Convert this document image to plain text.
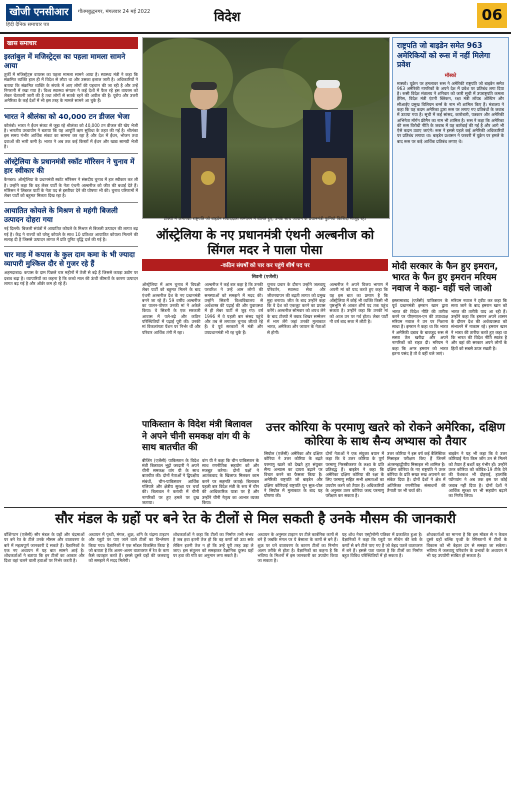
खोजी एनसीआर
हिंदी दैनिक समाचार पत्र
गौतमबुद्धनगर, मंगलवार 24 मई 2022	विदेश	06
खास समाचार
इस्तांबुल में मजिस्ट्रेट्स का पहला मामला सामने आया

तुर्की में मजिस्ट्रेट्स वायरस का पहला मामला सामने आया है। स्वास्थ्य मंत्री ने कहा कि संक्रमित व्यक्ति हाल ही में विदेश से लौटा था और उसका इलाज जारी है। अधिकारियों ने बताया कि संक्रमित व्यक्ति के संपर्क में आए लोगों की पहचान की जा रही है और उन्हें निगरानी में रखा गया है। विश्व स्वास्थ्य संगठन ने कई देशों में फैल रहे इस वायरस को लेकर चेतावनी जारी की है तथा लोगों से सतर्क रहने की अपील की है। यूरोप और उत्तरी अमेरिका के कई देशों में भी इस तरह के मामले सामने आ चुके हैं।

भारत ने श्रीलंका को 40,000 टन डीजल भेजा

कोलंबो। भारत ने ईंधन संकट से जूझ रहे श्रीलंका को 40,000 टन डीजल की खेप भेजी है। भारतीय उच्चायोग ने बताया कि यह आपूर्ति ऋण सुविधा के तहत की गई है। श्रीलंका इस समय गंभीर आर्थिक संकट का सामना कर रहा है और देश में ईंधन, भोजन तथा दवाओं की भारी कमी है। भारत ने अब तक कई किस्तों में ईंधन और खाद्य सामग्री भेजी है।

ऑस्ट्रेलिया के प्रधानमंत्री स्कॉट मॉरिसन ने चुनाव में हार स्वीकार की

कैनबरा। ऑस्ट्रेलिया के प्रधानमंत्री स्कॉट मॉरिसन ने संसदीय चुनाव में हार स्वीकार कर ली है। उन्होंने कहा कि वह लेबर पार्टी के नेता एंथनी अल्बनीज को जीत की बधाई देते हैं। मॉरिसन ने लिबरल पार्टी के नेता पद से इस्तीफा देने की घोषणा भी की। चुनाव परिणामों में लेबर पार्टी को बहुमत मिलता दिख रहा है।

आयातित कोयले के मिश्रण से महंगी बिजली उत्पादन दोहरा गया

नई दिल्ली। बिजली संयंत्रों में आयातित कोयले के मिश्रण से बिजली उत्पादन की लागत बढ़ गई है। केंद्र ने राज्यों को घरेलू कोयले के साथ 10 प्रतिशत आयातित कोयला मिलाने की सलाह दी है जिससे उत्पादन लागत में प्रति यूनिट वृद्धि दर्ज की गई है।

चार माह में कपास के कुल दाम कमा के भी ज्यादा व्यापारी मुश्किल दौर से गुजर रहे हैं

अहमदाबाद। कपास के दाम पिछले चार महीनों में तेजी से बढ़े हैं जिससे कपड़ा उद्योग पर दबाव बढ़ा है। व्यापारियों का कहना है कि कच्चे माल की ऊंची कीमतों के कारण उत्पादन लागत बढ़ गई है और ऑर्डर कम हो रहे हैं।

टोक्यो में अमेरिकी राष्ट्रपति जो बाइडेन संवाददाता सम्मेलन में बोलते हुए, उनके साथ जापान के प्रधानमंत्री फुमियो किशिदा मौजूद रहे।
राष्ट्रपति जो बाइडेन समेत 963 अमेरिकियों को रूस में नहीं मिलेगा प्रवेश
मॉस्को

मास्को। यूक्रेन पर हमलावर रूस ने अमेरिकी राष्ट्रपति जो बाइडेन समेत 963 अमेरिकी नागरिकों के अपने देश में प्रवेश पर प्रतिबंध लगा दिया है। रूसी विदेश मंत्रालय ने शनिवार को जारी सूची में उपराष्ट्रपति कमला हैरिस, विदेश मंत्री एंटनी ब्लिंकन, रक्षा मंत्री लॉयड ऑस्टिन और सीआईए प्रमुख विलियम बर्न्स के नाम भी शामिल किए हैं। मंत्रालय ने कहा कि यह कदम अमेरिका द्वारा रूस पर लगाए गए प्रतिबंधों के जवाब में उठाया गया है। सूची में कई सांसद, कारोबारी, पत्रकार और अमेरिकी अभिनेता मॉर्गन फ्रीमैन का नाम भी शामिल है। रूस ने कहा कि अमेरिका की रूस विरोधी नीति के जवाब में यह कार्रवाई की गई है और आगे भी ऐसे कदम उठाए जाएंगे। रूस ने इससे पहले कई अमेरिकी अधिकारियों पर प्रतिबंध लगाया था। बाइडेन प्रशासन ने फरवरी में यूक्रेन पर हमले के बाद रूस पर कड़े आर्थिक प्रतिबंध लगाए थे।

ऑस्ट्रेलिया के नए प्रधानमंत्री एंथनी अल्बनीज को सिंगल मदर ने पाला पोसा
-कठिन संघर्षों को पार कर पहुंचे शीर्ष पद पर
सिडनी (एजेंसी)
ऑस्ट्रेलिया में आम चुनाव में विपक्षी लेबर पार्टी को बहुमत मिलने के बाद एंथनी अल्बनीज देश के नए प्रधानमंत्री बनने जा रहे हैं। 59 वर्षीय अल्बनीज का पालन-पोषण उनकी मां ने अकेले किया। वे सिडनी के एक सरकारी आवास में पले-बढ़े और कठिन परिस्थितियों में पढ़ाई पूरी की। उनकी मां विकलांगता पेंशन पर निर्भर थीं और परिवार आर्थिक तंगी में रहा।
अल्बनीज ने कई बार कहा है कि उनकी परवरिश ने उन्हें आम लोगों की समस्याओं को समझने में मदद की। उन्होंने सिडनी विश्वविद्यालय से अर्थशास्त्र की पढ़ाई की और युवावस्था में ही लेबर पार्टी से जुड़ गए। वर्ष 1996 में वे पहली बार संसद पहुंचे और तब से लगातार चुनाव जीतते रहे हैं। वे पूर्व सरकारों में मंत्री और उपप्रधानमंत्री भी रह चुके हैं।
चुनाव प्रचार के दौरान उन्होंने जलवायु परिवर्तन, स्वास्थ्य सेवा और जीवनयापन की बढ़ती लागत को प्रमुख मुद्दा बनाया। जीत के बाद उन्होंने कहा कि वे देश को एकजुट करने का प्रयास करेंगे। अल्बनीज सोमवार को शपथ लेने के बाद टोक्यो में क्वाड शिखर सम्मेलन में भाग लेंगे जहां उनकी मुलाकात भारत, अमेरिका और जापान के नेताओं से होगी।
अल्बनीज ने अपने विजय भाषण में अपनी मां को याद करते हुए कहा कि यह इस बात का प्रमाण है कि ऑस्ट्रेलिया में कोई भी व्यक्ति किसी भी पृष्ठभूमि से आकर शीर्ष पद तक पहुंच सकता है। उन्होंने कहा कि उनकी मां को आज उन पर गर्व होता। लेबर पार्टी नौ वर्ष बाद सत्ता में लौटी है।
मोदी सरकार के फैन हुए इमरान, भारत के फैन हुए इमरान मरियम नवाज ने कहा- वहीं चले जाओ
इस्लामाबाद (एजेंसी) पाकिस्तान के पूर्व प्रधानमंत्री इमरान खान द्वारा भारत की विदेश नीति की तारीफ करने पर पीएमएल-एन की उपाध्यक्ष मरियम नवाज ने उन पर निशाना साधा है। इमरान ने कहा था कि भारत ने अमेरिकी दबाव के बावजूद रूस से सस्ता तेल खरीदा और अपने नागरिकों को राहत दी। मरियम ने कहा कि अगर इमरान को भारत इतना पसंद है तो वे वहीं चले जाएं।
मरियम नवाज ने ट्वीट कर कहा कि सत्ता जाने के बाद इमरान खान को भारत की तारीफें याद आ रही हैं। उन्होंने कहा कि इमरान अपने शासन के दौरान देश की अर्थव्यवस्था को संभालने में नाकाम रहे। इमरान खान ने भारत की तारीफ करते हुए कहा था कि भारत की विदेश नीति स्वतंत्र है और वहां की सरकार अपने लोगों के हितों को सबसे ऊपर रखती है।
पाकिस्तान के विदेश मंत्री बिलावल ने अपने चीनी समकक्ष वांग यी के साथ बातचीत की
बीजिंग (एजेंसी) पाकिस्तान के विदेश मंत्री बिलावल भुट्टो जरदारी ने अपने चीनी समकक्ष वांग यी के साथ बातचीत की। दोनों नेताओं ने द्विपक्षीय संबंधों, चीन-पाकिस्तान आर्थिक गलियारे और क्षेत्रीय सुरक्षा पर चर्चा की। बिलावल ने कराची में चीनी नागरिकों पर हुए हमले पर दुख जताया।
वांग यी ने कहा कि चीन पाकिस्तान के साथ रणनीतिक सहयोग को और मजबूत करेगा। दोनों पक्षों ने आतंकवाद के खिलाफ मिलकर काम करने पर सहमति जताई। बिलावल पहली बार विदेश मंत्री के रूप में चीन की आधिकारिक यात्रा पर हैं और उन्होंने चीनी नेतृत्व का आभार व्यक्त किया।
उत्तर कोरिया के परमाणु खतरे को रोकने अमेरिका, दक्षिण कोरिया के साथ सैन्य अभ्यास को तैयार
सियोल (एजेंसी) अमेरिका और दक्षिण कोरिया ने उत्तर कोरिया के बढ़ते परमाणु खतरे को देखते हुए संयुक्त सैन्य अभ्यास का दायरा बढ़ाने पर विचार करने का फैसला किया है। अमेरिकी राष्ट्रपति जो बाइडेन और दक्षिण कोरियाई राष्ट्रपति यून सुक-योल ने सियोल में मुलाकात के बाद यह घोषणा की।
दोनों नेताओं ने एक संयुक्त बयान में कहा कि वे उत्तर कोरिया के पूर्ण परमाणु निरस्त्रीकरण के लक्ष्य के प्रति प्रतिबद्ध हैं। बाइडेन ने कहा कि अमेरिका दक्षिण कोरिया की रक्षा के लिए परमाणु सहित सभी क्षमताओं का उपयोग करने को तैयार है। अधिकारियों के अनुसार उत्तर कोरिया जल्द परमाणु परीक्षण कर सकता है।
उत्तर कोरिया ने इस वर्ष कई बैलिस्टिक मिसाइल परीक्षण किए हैं जिनमें अंतरमहाद्वीपीय मिसाइल भी शामिल है। दक्षिण कोरिया के नए राष्ट्रपति ने उत्तर कोरिया के प्रति सख्त रुख अपनाने का संकेत दिया है। दोनों देशों ने क्षेत्र में अतिरिक्त रणनीतिक संसाधनों की तैनाती पर भी चर्चा की।
बाइडेन ने यह भी कहा कि वे उत्तर कोरियाई नेता किम जोंग उन से मिलने को तैयार हैं बशर्ते वह गंभीर हों। उन्होंने उत्तर कोरिया को कोविड-19 टीके देने की पेशकश भी दोहराई, हालांकि प्योंगयांग ने अब तक इस पर कोई जवाब नहीं दिया है। दोनों देशों ने आर्थिक सुरक्षा पर भी सहयोग बढ़ाने का निर्णय लिया।
सौर मंडल के ग्रहों पर बने रेत के टीलों से मिल सकती है उनके मौसम की जानकारी
वॉशिंगटन (एजेंसी) सौर मंडल के ग्रहों और चंद्रमाओं पर बने रेत के टीले उनके मौसम और वातावरण के बारे में महत्वपूर्ण जानकारी दे सकते हैं। वैज्ञानिकों के एक नए अध्ययन में यह बात सामने आई है। शोधकर्ताओं ने बताया कि इन टीलों का आकार और दिशा वहां चलने वाली हवाओं पर निर्भर करती है।
अध्ययन में पृथ्वी, मंगल, शुक्र, शनि के चंद्रमा टाइटन और प्लूटो पर पाए जाने वाले टीलों का विश्लेषण किया गया। वैज्ञानिकों ने एक मॉडल विकसित किया है जो बताता है कि अलग-अलग वातावरण में रेत के कण कैसे व्यवहार करते हैं। इससे दूसरे ग्रहों की जलवायु को समझने में मदद मिलेगी।
शोधकर्ताओं ने कहा कि टीलों का निर्माण तभी संभव है जब हवा इतनी तेज हो कि वह कणों को उठा सके लेकिन इतनी तेज न हो कि उन्हें पूरी तरह उड़ा ले जाए। इस संतुलन को समझकर वैज्ञानिक दूरस्थ ग्रहों पर हवा की गति का अनुमान लगा सकते हैं।
अध्ययन के अनुसार टाइटन पर टीले कार्बनिक कणों से बने हैं जबकि मंगल पर ये बेसाल्ट के कणों से बने हैं। शुक्र पर घने वातावरण के कारण टीलों का निर्माण अलग तरीके से होता है। वैज्ञानिकों का कहना है कि भविष्य के मिशनों में इस जानकारी का उपयोग किया जा सकता है।
यह शोध नेचर एस्ट्रोनॉमी पत्रिका में प्रकाशित हुआ है। वैज्ञानिकों ने कहा कि प्लूटो पर मीथेन की बर्फ के कणों से बने टीले पाए गए हैं जो बेहद पतले वातावरण में बने हैं। इससे पता चलता है कि टीलों का निर्माण बहुत विविध परिस्थितियों में हो सकता है।
शोधकर्ताओं का मानना है कि इस मॉडल से न केवल दूसरे ग्रहों बल्कि पृथ्वी के रेगिस्तानों में टीलों के विकास को भी बेहतर ढंग से समझा जा सकेगा। भविष्य में जलवायु परिवर्तन के प्रभावों के अध्ययन में भी यह उपयोगी साबित हो सकता है।
